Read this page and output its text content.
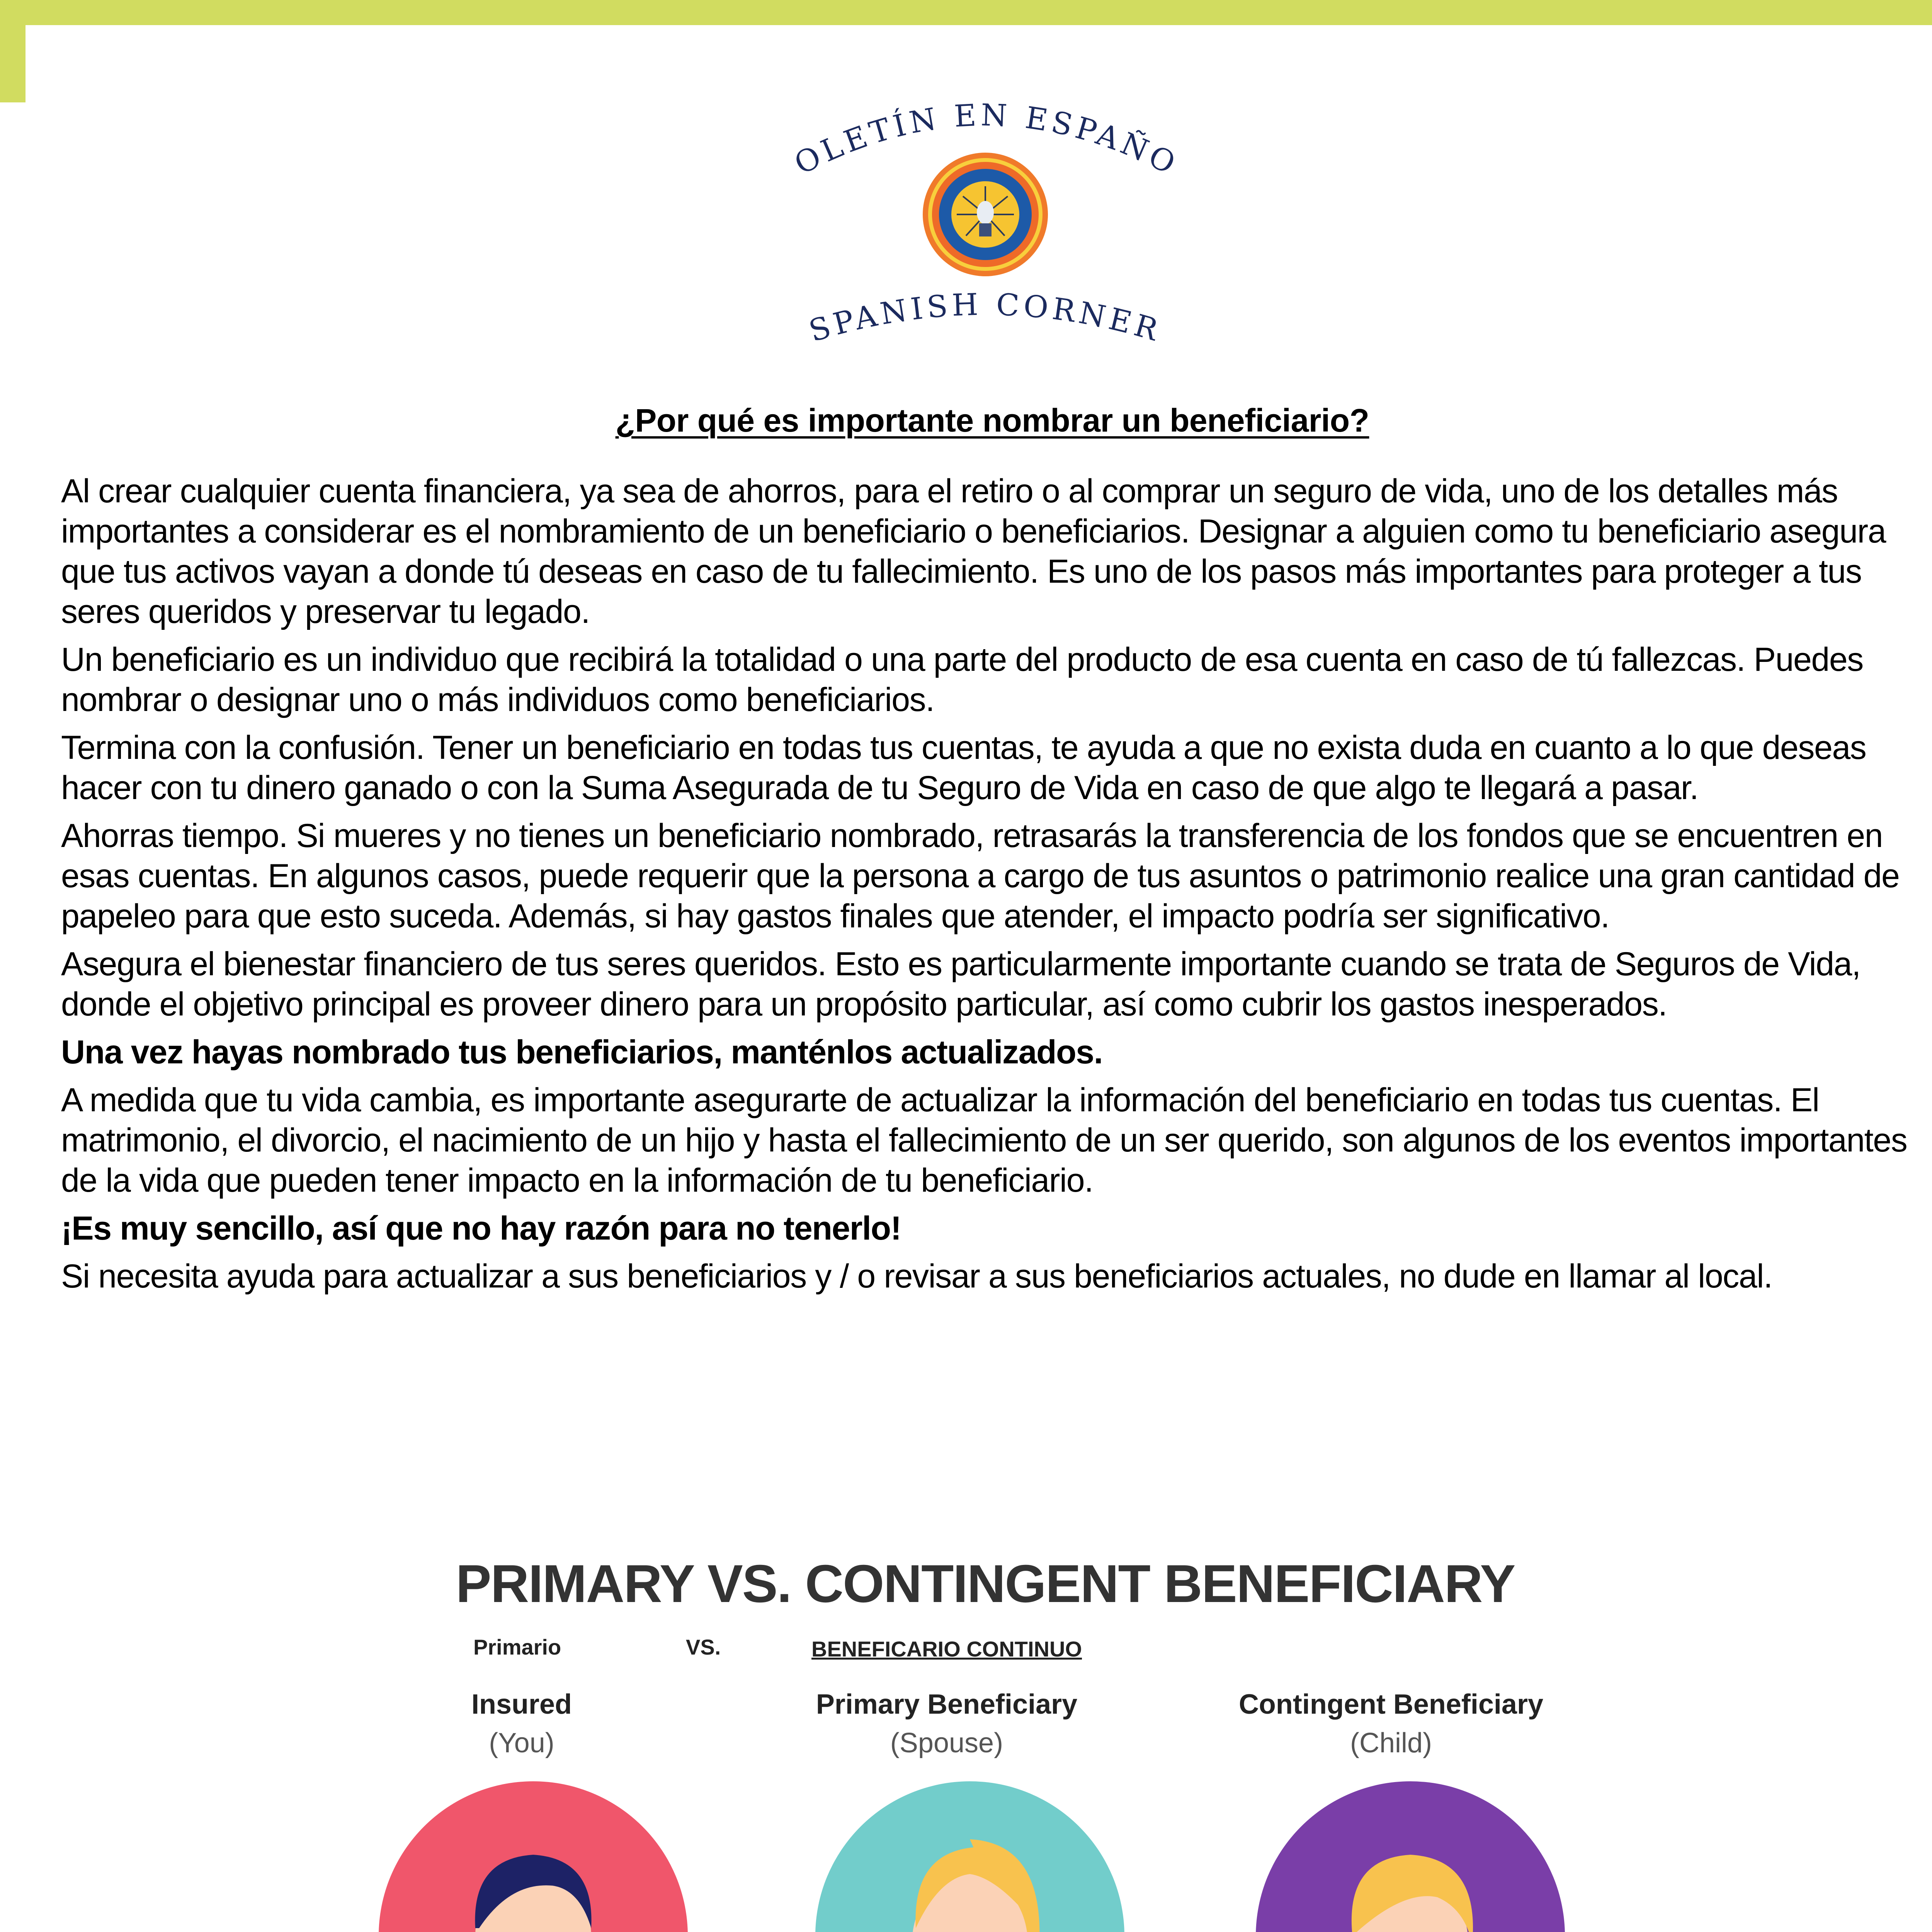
OLETÍN EN ESPAÑO
SPANISH CORNER
¿Por qué es importante nombrar un beneficiario?

Al crear cualquier cuenta financiera, ya sea de ahorros, para el retiro o al comprar un seguro de vida, uno de los detalles más importantes a considerar es el nombramiento de un beneficiario o beneficiarios. Designar a alguien como tu beneficiario asegura que tus activos vayan a donde tú deseas en caso de tu fallecimiento. Es uno de los pasos más importantes para proteger a tus seres queridos y preservar tu legado.

Un beneficiario es un individuo que recibirá la totalidad o una parte del producto de esa cuenta en caso de tú fallezcas. Puedes nombrar o designar uno o más individuos como beneficiarios.

Termina con la confusión. Tener un beneficiario en todas tus cuentas, te ayuda a que no exista duda en cuanto a lo que deseas hacer con tu dinero ganado o con la Suma Asegurada de tu Seguro de Vida en caso de que algo te llegará a pasar.

Ahorras tiempo. Si mueres y no tienes un beneficiario nombrado, retrasarás la transferencia de los fondos que se encuentren en esas cuentas. En algunos casos, puede requerir que la persona a cargo de tus asuntos o patrimonio realice una gran cantidad de papeleo para que esto suceda. Además, si hay gastos finales que atender, el impacto podría ser significativo.

Asegura el bienestar financiero de tus seres queridos. Esto es particularmente importante cuando se trata de Seguros de Vida, donde el objetivo principal es proveer dinero para un propósito particular, así como cubrir los gastos inesperados.

Una vez hayas nombrado tus beneficiarios, manténlos actualizados.

A medida que tu vida cambia, es importante asegurarte de actualizar la información del beneficiario en todas tus cuentas. El matrimonio, el divorcio, el nacimiento de un hijo y hasta el fallecimiento de un ser querido, son algunos de los eventos importantes de la vida que pueden tener impacto en la información de tu beneficiario.

¡Es muy sencillo, así que no hay razón para no tenerlo!

Si necesita ayuda para actualizar a sus beneficiarios y / o revisar a sus beneficiarios actuales, no dude en llamar al local.

PRIMARY VS. CONTINGENT BENEFICIARY
Primario	VS.	BENEFICARIO CONTINUO
Insured
(You)
Primary Beneficiary
(Spouse)
Contingent Beneficiary
(Child)
